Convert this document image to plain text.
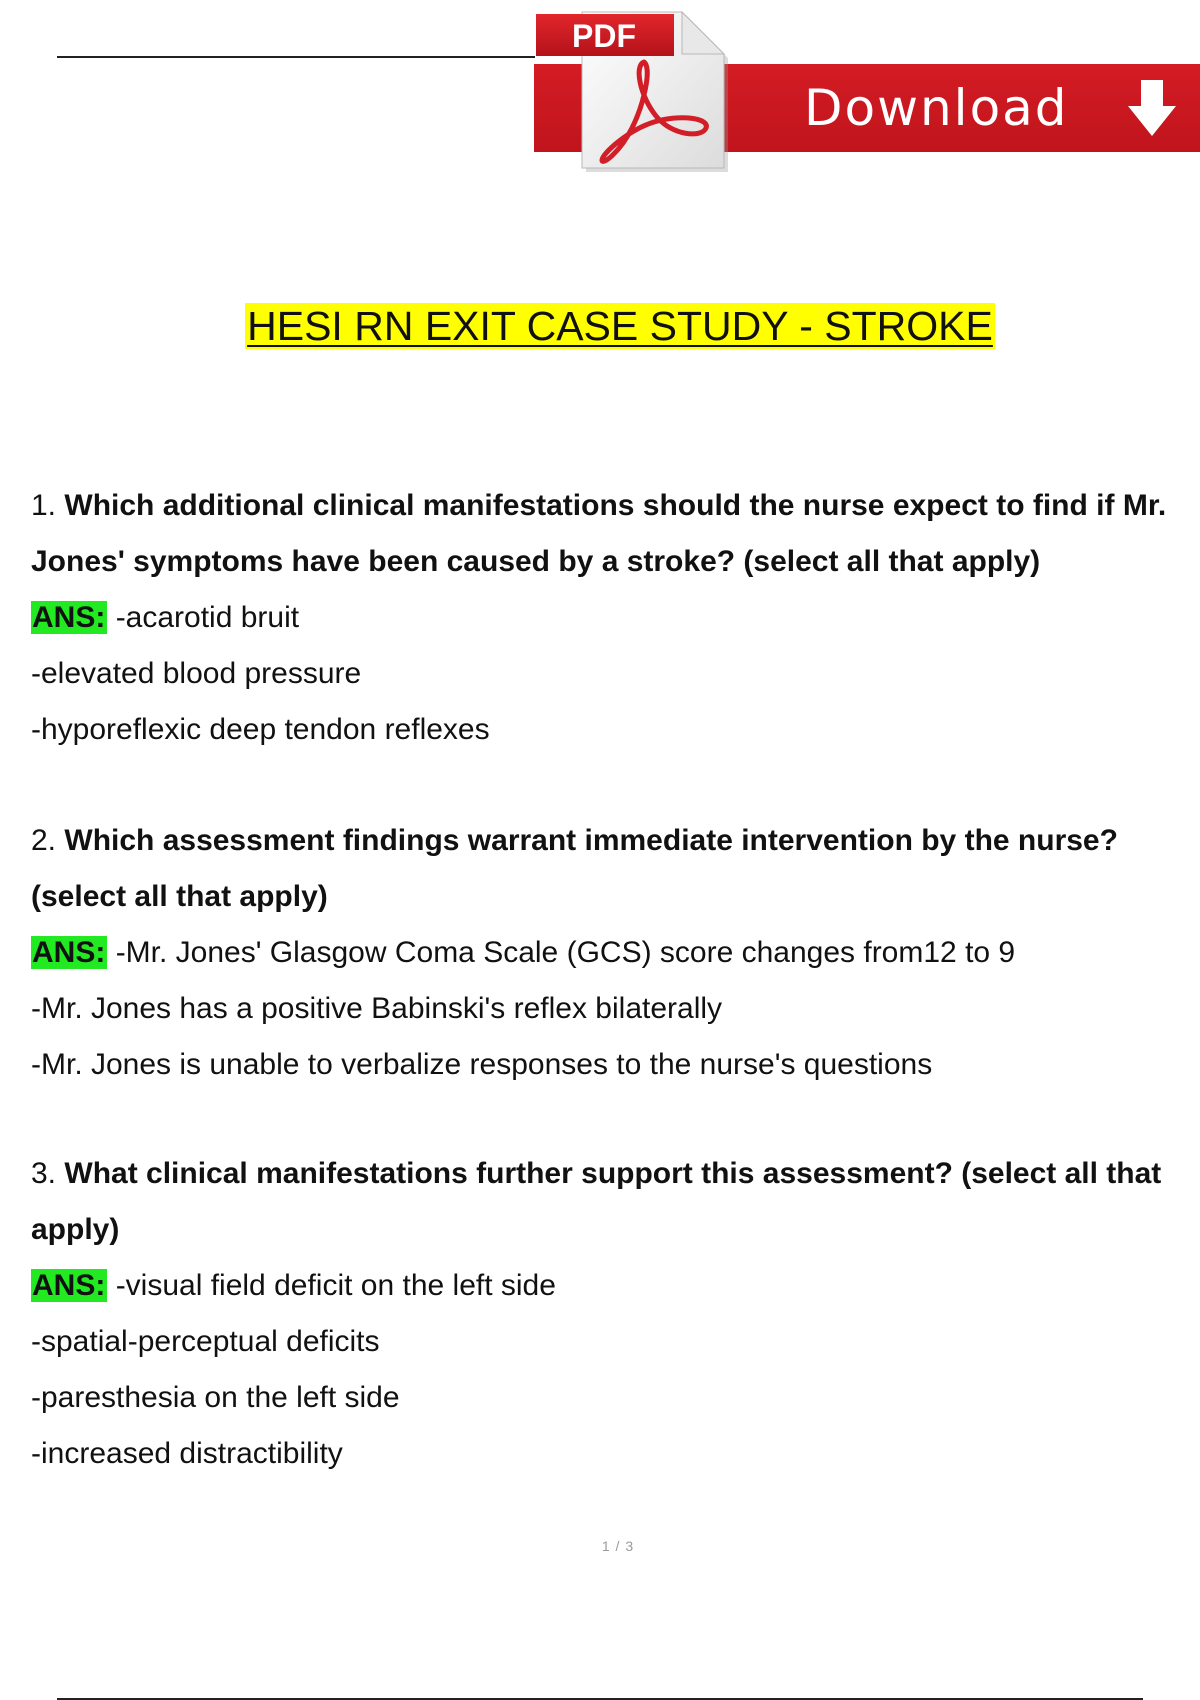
Download
PDF
HESI RN EXIT CASE STUDY - STROKE

1. Which additional clinical manifestations should the nurse expect to find if Mr. Jones' symptoms have been caused by a stroke? (select all that apply)

ANS: -acarotid bruit

-elevated blood pressure

-hyporeflexic deep tendon reflexes

2. Which assessment findings warrant immediate intervention by the nurse? (select all that apply)

ANS: -Mr. Jones' Glasgow Coma Scale (GCS) score changes from12 to 9

-Mr. Jones has a positive Babinski's reflex bilaterally

-Mr. Jones is unable to verbalize responses to the nurse's questions

3. What clinical manifestations further support this assessment? (select all that apply)

ANS: -visual field deficit on the left side

-spatial-perceptual deficits

-paresthesia on the left side

-increased distractibility

1 / 3
